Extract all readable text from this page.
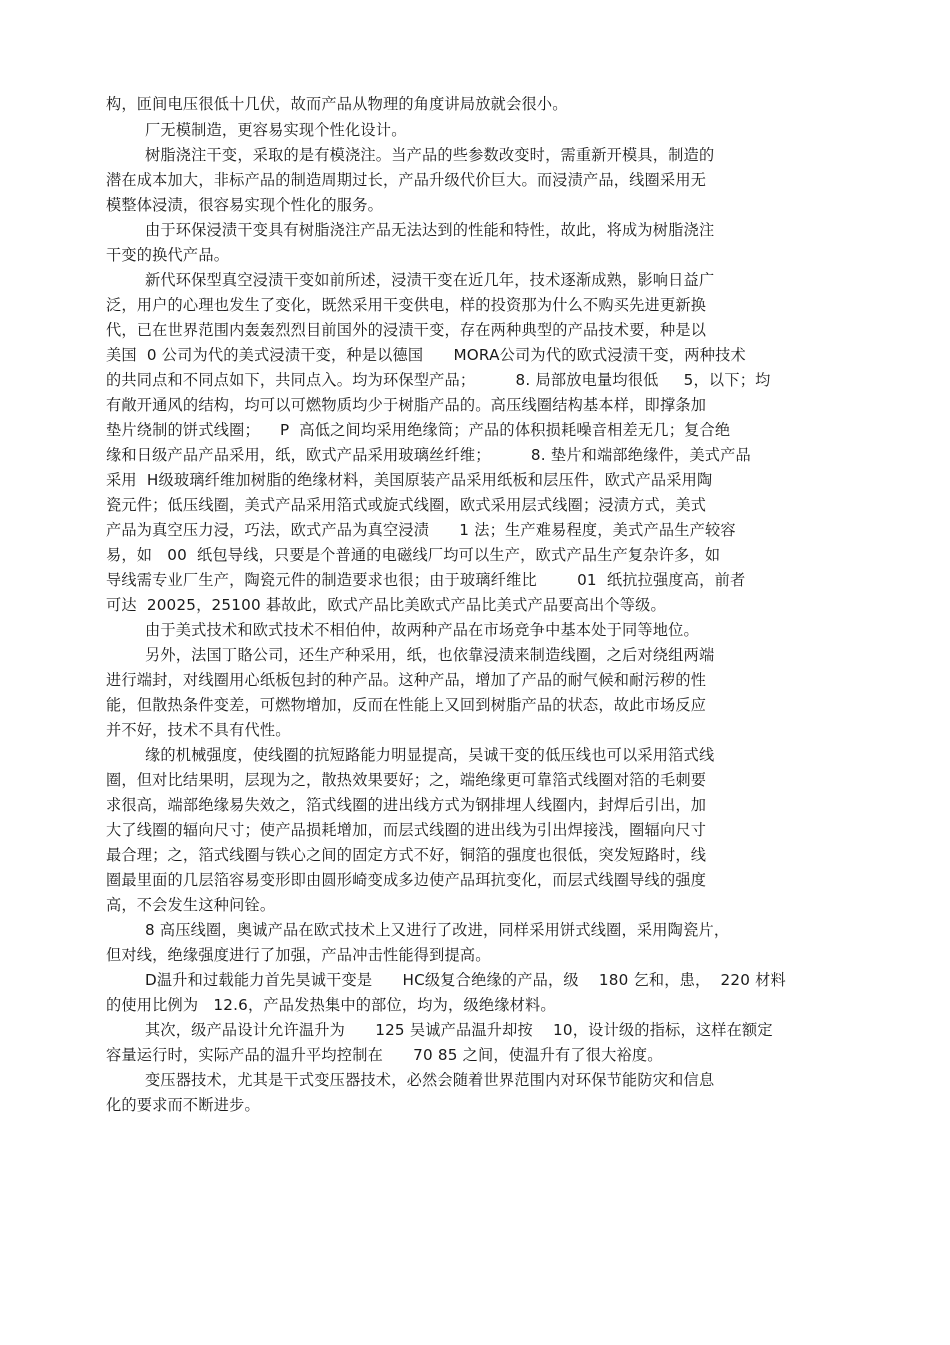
构，匝间电压很低十几伏，故而产品从物理的角度讲局放就会很小。
厂无模制造，更容易实现个性化设计。
树脂浇注干变，采取的是有模浇注。当产品的些参数改变时，需重新开模具，制造的
潜在成本加大，非标产品的制造周期过长，产品升级代价巨大。而浸渍产品，线圈采用无
模整体浸渍，很容易实现个性化的服务。
由于环保浸渍干变具有树脂浇注产品无法达到的性能和特性，故此，将成为树脂浇注
干变的换代产品。
新代环保型真空浸渍干变如前所述，浸渍干变在近几年，技术逐渐成熟，影响日益广
泛，用户的心理也发生了变化，既然采用干变供电，样的投资那为什么不购买先进更新换
代，已在世界范围内轰轰烈烈目前国外的浸渍干变，存在两种典型的产品技术要，种是以
美国  0 公司为代的美式浸渍干变，种是以德国      MORA公司为代的欧式浸渍干变，两种技术
的共同点和不同点如下，共同点入。均为环保型产品；        8. 局部放电量均很低     5，以下；均
有敞开通风的结构，均可以可燃物质均少于树脂产品的。高压线圈结构基本样，即撑条加
垫片绕制的饼式线圈；    P  高低之间均采用绝缘筒；产品的体积损耗噪音相差无几；复合绝
缘和日级产品产品采用，纸，欧式产品采用玻璃丝纤维；        8. 垫片和端部绝缘件，美式产品
采用  H级玻璃纤维加树脂的绝缘材料，美国原装产品采用纸板和层压件，欧式产品采用陶
瓷元件；低压线圈，美式产品采用箔式或旋式线圈，欧式采用层式线圈；浸渍方式，美式
产品为真空压力浸，巧法，欧式产品为真空浸渍      1 法；生产难易程度，美式产品生产较容
易，如   00  纸包导线，只要是个普通的电磁线厂均可以生产，欧式产品生产复杂许多，如
导线需专业厂生产，陶瓷元件的制造要求也很；由于玻璃纤维比        01  纸抗拉强度高，前者
可达  20025，25100 碁故此，欧式产品比美欧式产品比美式产品要高出个等级。
由于美式技术和欧式技术不相伯仲，故两种产品在市场竞争中基本处于同等地位。
另外，法国丁賂公司，还生产种采用，纸，也依靠浸渍来制造线圈，之后对绕组两端
进行端封，对线圈用心纸板包封的种产品。这种产品，增加了产品的耐气候和耐污秽的性
能，但散热条件变差，可燃物增加，反而在性能上又回到树脂产品的状态，故此市场反应
并不好，技术不具有代性。
缘的机械强度，使线圈的抗短路能力明显提高，吴诚干变的低压线也可以采用箔式线
圈，但对比结果明，层现为之，散热效果要好；之，端绝缘更可靠箔式线圈对箔的毛刺要
求很高，端部绝缘易失效之，箔式线圈的进出线方式为钢排埋人线圈内，封焊后引出，加
大了线圈的辐向尺寸；使产品损耗增加，而层式线圈的进出线为引出焊接浅，圈辐向尺寸
最合理；之，箔式线圈与铁心之间的固定方式不好，铜箔的强度也很低，突发短路时，线
圈最里面的几层箔容易变形即由圆形崎变成多边使产品珥抗变化，而层式线圈导线的强度
高，不会发生这种问铨。
8 高压线圈，奥诚产品在欧式技术上又进行了改进，同样采用饼式线圈，采用陶瓷片，
但对线，绝缘强度进行了加强，产品冲击性能得到提高。
D温升和过载能力首先昊诚干变是      HC级复合绝缘的产品，级    180 乞和，患，  220 材料
的使用比例为   12.6，产品发热集中的部位，均为，级绝缘材料。
其次，级产品设计允许温升为      125 吴诚产品温升却按    10，设计级的指标，这样在额定
容量运行时，实际产品的温升平均控制在      70 85 之间，使温升有了很大裕度。
变压器技术，尤其是干式变压器技术，必然会随着世界范围内对环保节能防灾和信息
化的要求而不断进步。
